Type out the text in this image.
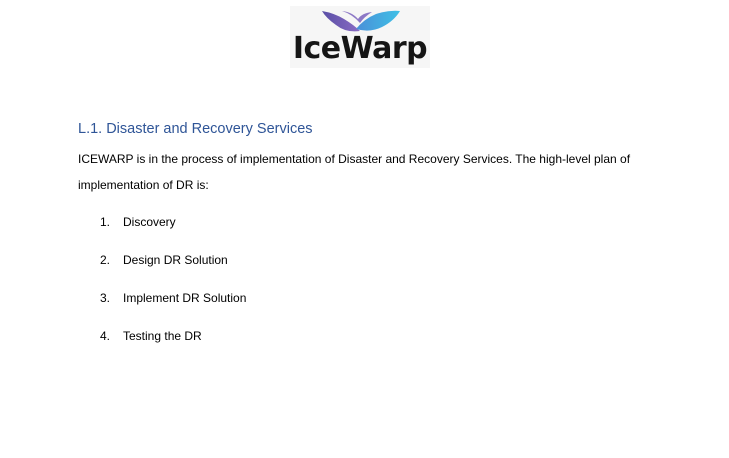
IceWarp
L.1. Disaster and Recovery Services

ICEWARP is in the process of implementation of Disaster and Recovery Services. The high-level plan of implementation of DR is:

1. Discovery
2. Design DR Solution
3. Implement DR Solution
4. Testing the DR
